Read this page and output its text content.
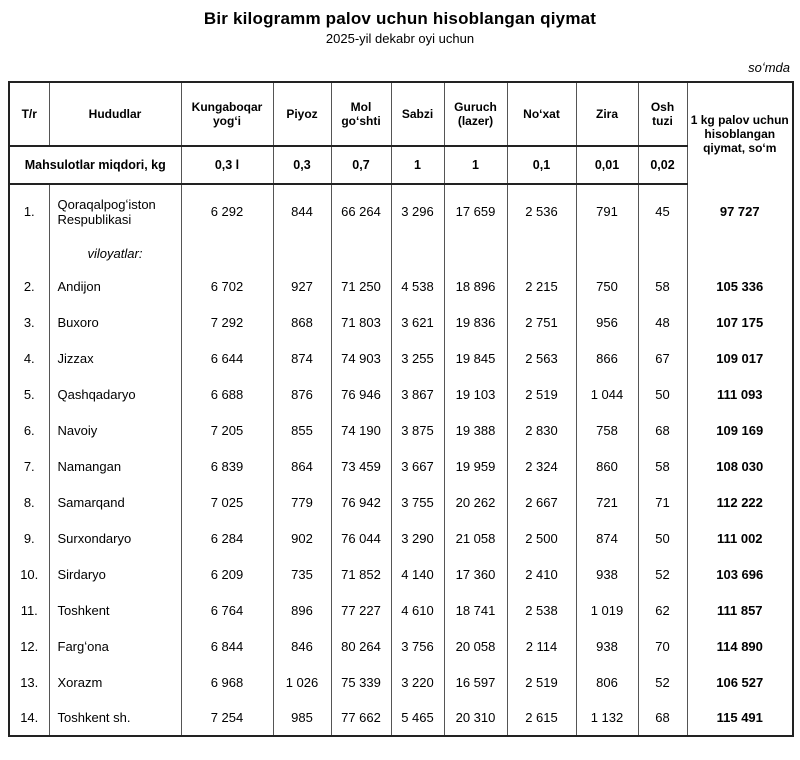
Bir kilogramm palov uchun hisoblangan qiymat
2025-yil dekabr oyi uchun
soʻmda
T/r	Hududlar	Kungaboqar yogʻi	Piyoz	Mol goʻshti	Sabzi	Guruch (lazer)	Noʻxat	Zira	Osh tuzi	1 kg palov uchun hisoblangan qiymat, soʻm
Mahsulotlar miqdori, kg		0,3 l	0,3	0,7	1	1	0,1	0,01	0,02	
1.	Qoraqalpogʻiston Respublikasi	6 292	844	66 264	3 296	17 659	2 536	791	45	97 727
	viloyatlar:									
2.	Andijon	6 702	927	71 250	4 538	18 896	2 215	750	58	105 336
3.	Buxoro	7 292	868	71 803	3 621	19 836	2 751	956	48	107 175
4.	Jizzax	6 644	874	74 903	3 255	19 845	2 563	866	67	109 017
5.	Qashqadaryo	6 688	876	76 946	3 867	19 103	2 519	1 044	50	111 093
6.	Navoiy	7 205	855	74 190	3 875	19 388	2 830	758	68	109 169
7.	Namangan	6 839	864	73 459	3 667	19 959	2 324	860	58	108 030
8.	Samarqand	7 025	779	76 942	3 755	20 262	2 667	721	71	112 222
9.	Surxondaryo	6 284	902	76 044	3 290	21 058	2 500	874	50	111 002
10.	Sirdaryo	6 209	735	71 852	4 140	17 360	2 410	938	52	103 696
11.	Toshkent	6 764	896	77 227	4 610	18 741	2 538	1 019	62	111 857
12.	Fargʻona	6 844	846	80 264	3 756	20 058	2 114	938	70	114 890
13.	Xorazm	6 968	1 026	75 339	3 220	16 597	2 519	806	52	106 527
14.	Toshkent sh.	7 254	985	77 662	5 465	20 310	2 615	1 132	68	115 491
